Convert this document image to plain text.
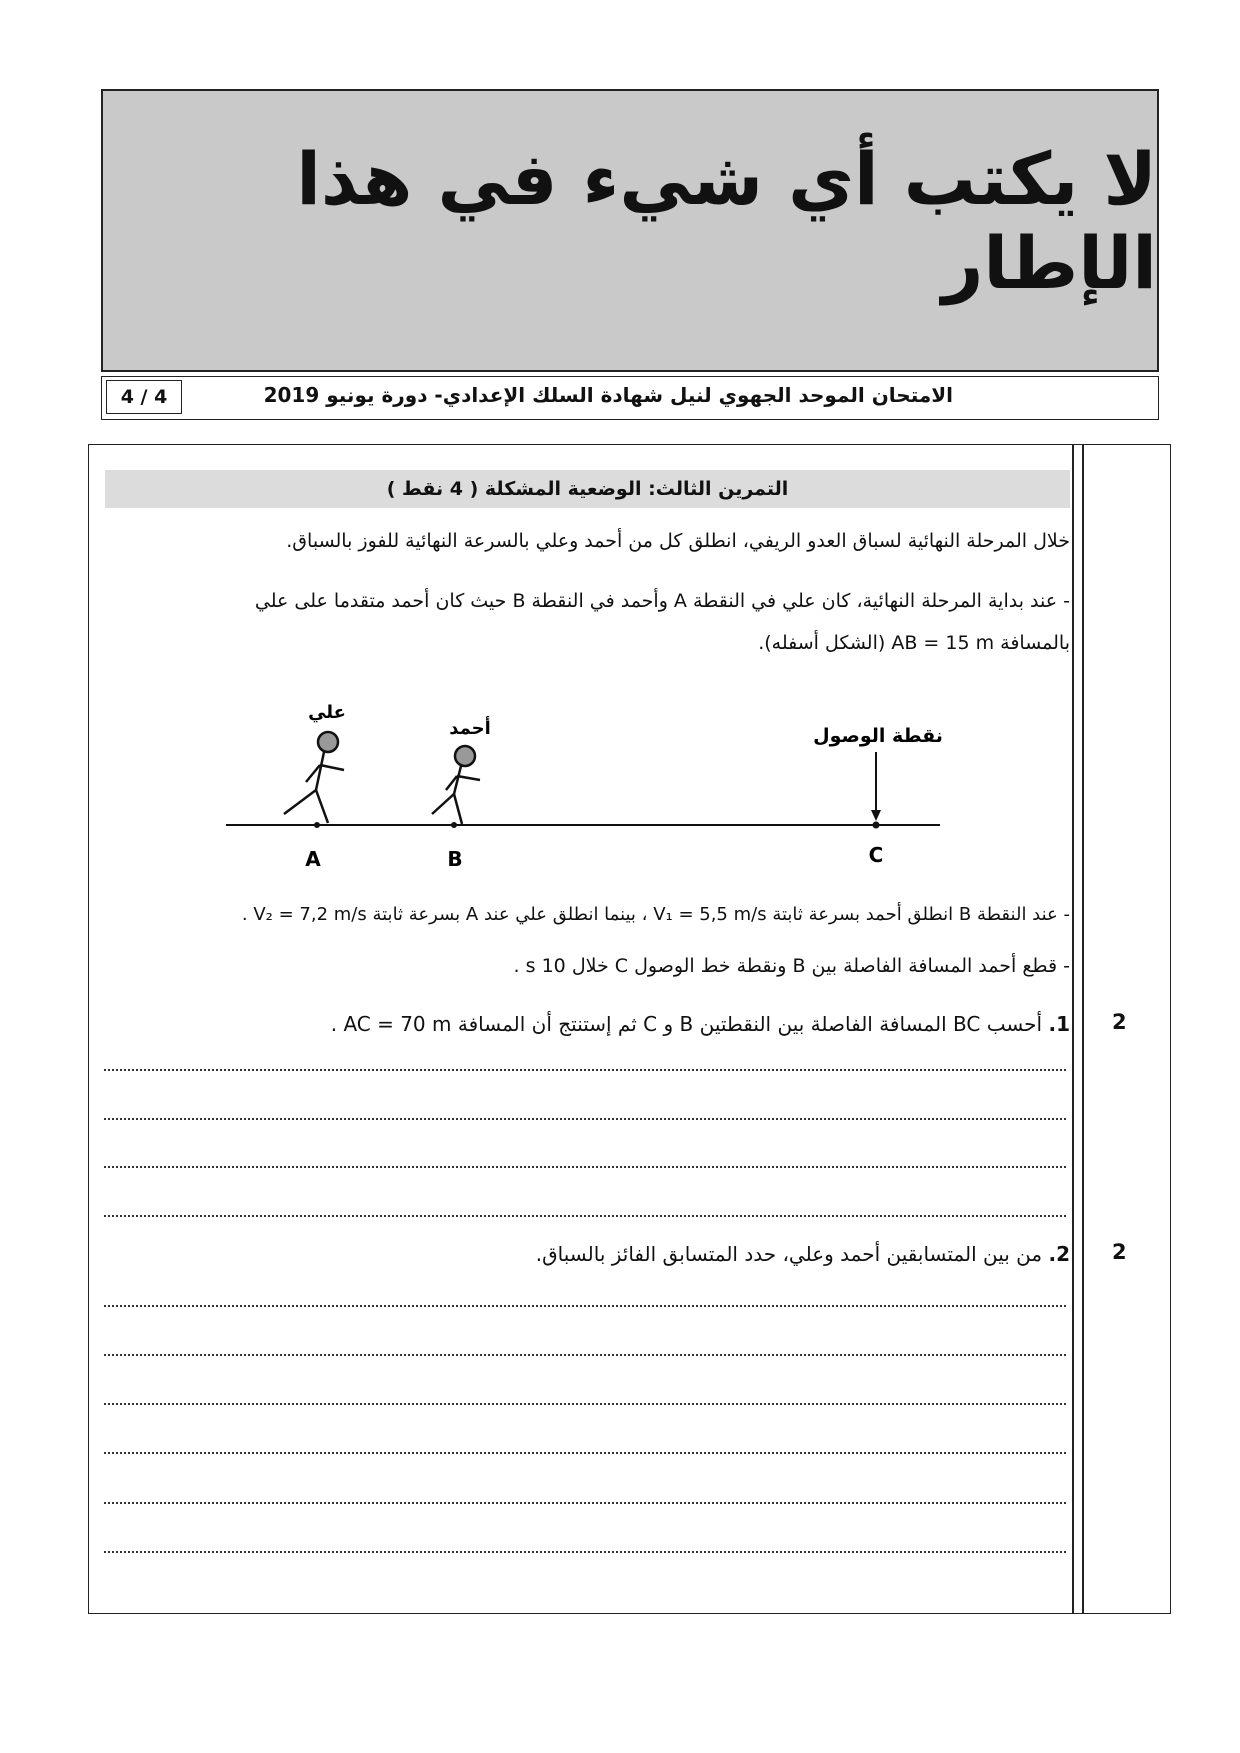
لا يكتب أي شيء في هذا الإطار
4 / 4	الامتحان الموحد الجهوي لنيل شهادة السلك الإعدادي- دورة يونيو 2019
التمرين الثالث: الوضعية المشكلة ( 4 نقط )
خلال المرحلة النهائية لسباق العدو الريفي، انطلق كل من أحمد وعلي بالسرعة النهائية للفوز بالسباق.
- عند بداية المرحلة النهائية، كان علي في النقطة A وأحمد في النقطة B حيث كان أحمد متقدما على علي
بالمسافة AB = 15 m (الشكل أسفله).
علي
أحمد	نقطة الوصول
A	B	C
- عند النقطة B انطلق أحمد بسرعة ثابتة V₁ = 5,5 m/s ، بينما انطلق علي عند A بسرعة ثابتة V₂ = 7,2 m/s .
- قطع أحمد المسافة الفاصلة بين B ونقطة خط الوصول C خلال 10 s .
2
1. أحسب BC المسافة الفاصلة بين النقطتين B و C ثم إستنتج أن المسافة AC = 70 m .
2
2. من بين المتسابقين أحمد وعلي، حدد المتسابق الفائز بالسباق.
